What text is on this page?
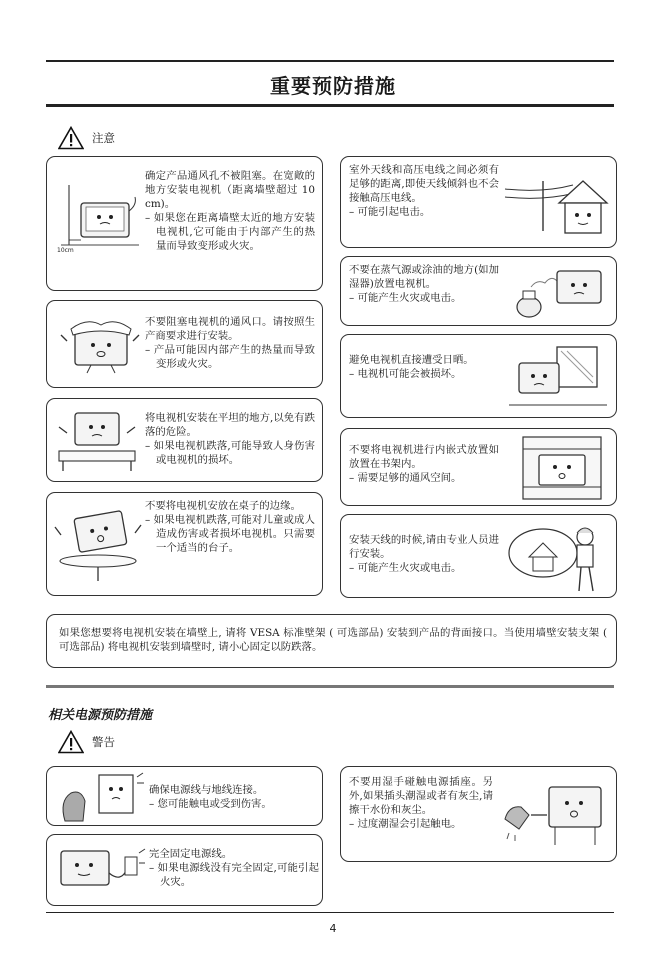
重要预防措施
注意
10cm

确定产品通风孔不被阻塞。在宽敞的地方安装电视机（距离墙壁超过 10 cm)。

– 如果您在距离墙壁太近的地方安装电视机,它可能由于内部产生的热量而导致变形或火灾。

不要阻塞电视机的通风口。请按照生产商要求进行安装。

– 产品可能因内部产生的热量而导致变形或火灾。

将电视机安装在平坦的地方,以免有跌落的危险。

– 如果电视机跌落,可能导致人身伤害或电视机的损坏。

不要将电视机安放在桌子的边缘。

– 如果电视机跌落,可能对儿童或成人造成伤害或者损坏电视机。只需要一个适当的台子。

室外天线和高压电线之间必须有足够的距离,即使天线倾斜也不会接触高压电线。

– 可能引起电击。

不要在蒸气源或涂油的地方(如加湿器)放置电视机。

– 可能产生火灾或电击。

避免电视机直接遭受日晒。

– 电视机可能会被损坏。

不要将电视机进行内嵌式放置如放置在书架内。

– 需要足够的通风空间。

安装天线的时候,请由专业人员进行安装。

– 可能产生火灾或电击。

如果您想要将电视机安装在墙壁上, 请将 VESA 标准壁架 ( 可选部品) 安装到产品的背面接口。当使用墙壁安装支架 ( 可选部品) 将电视机安装到墙壁时, 请小心固定以防跌落。
相关电源预防措施
警告

确保电源线与地线连接。

– 您可能触电或受到伤害。

完全固定电源线。

– 如果电源线没有完全固定,可能引起火灾。

不要用湿手碰触电源插座。另外,如果插头潮湿或者有灰尘,请擦干水份和灰尘。

– 过度潮湿会引起触电。

4
